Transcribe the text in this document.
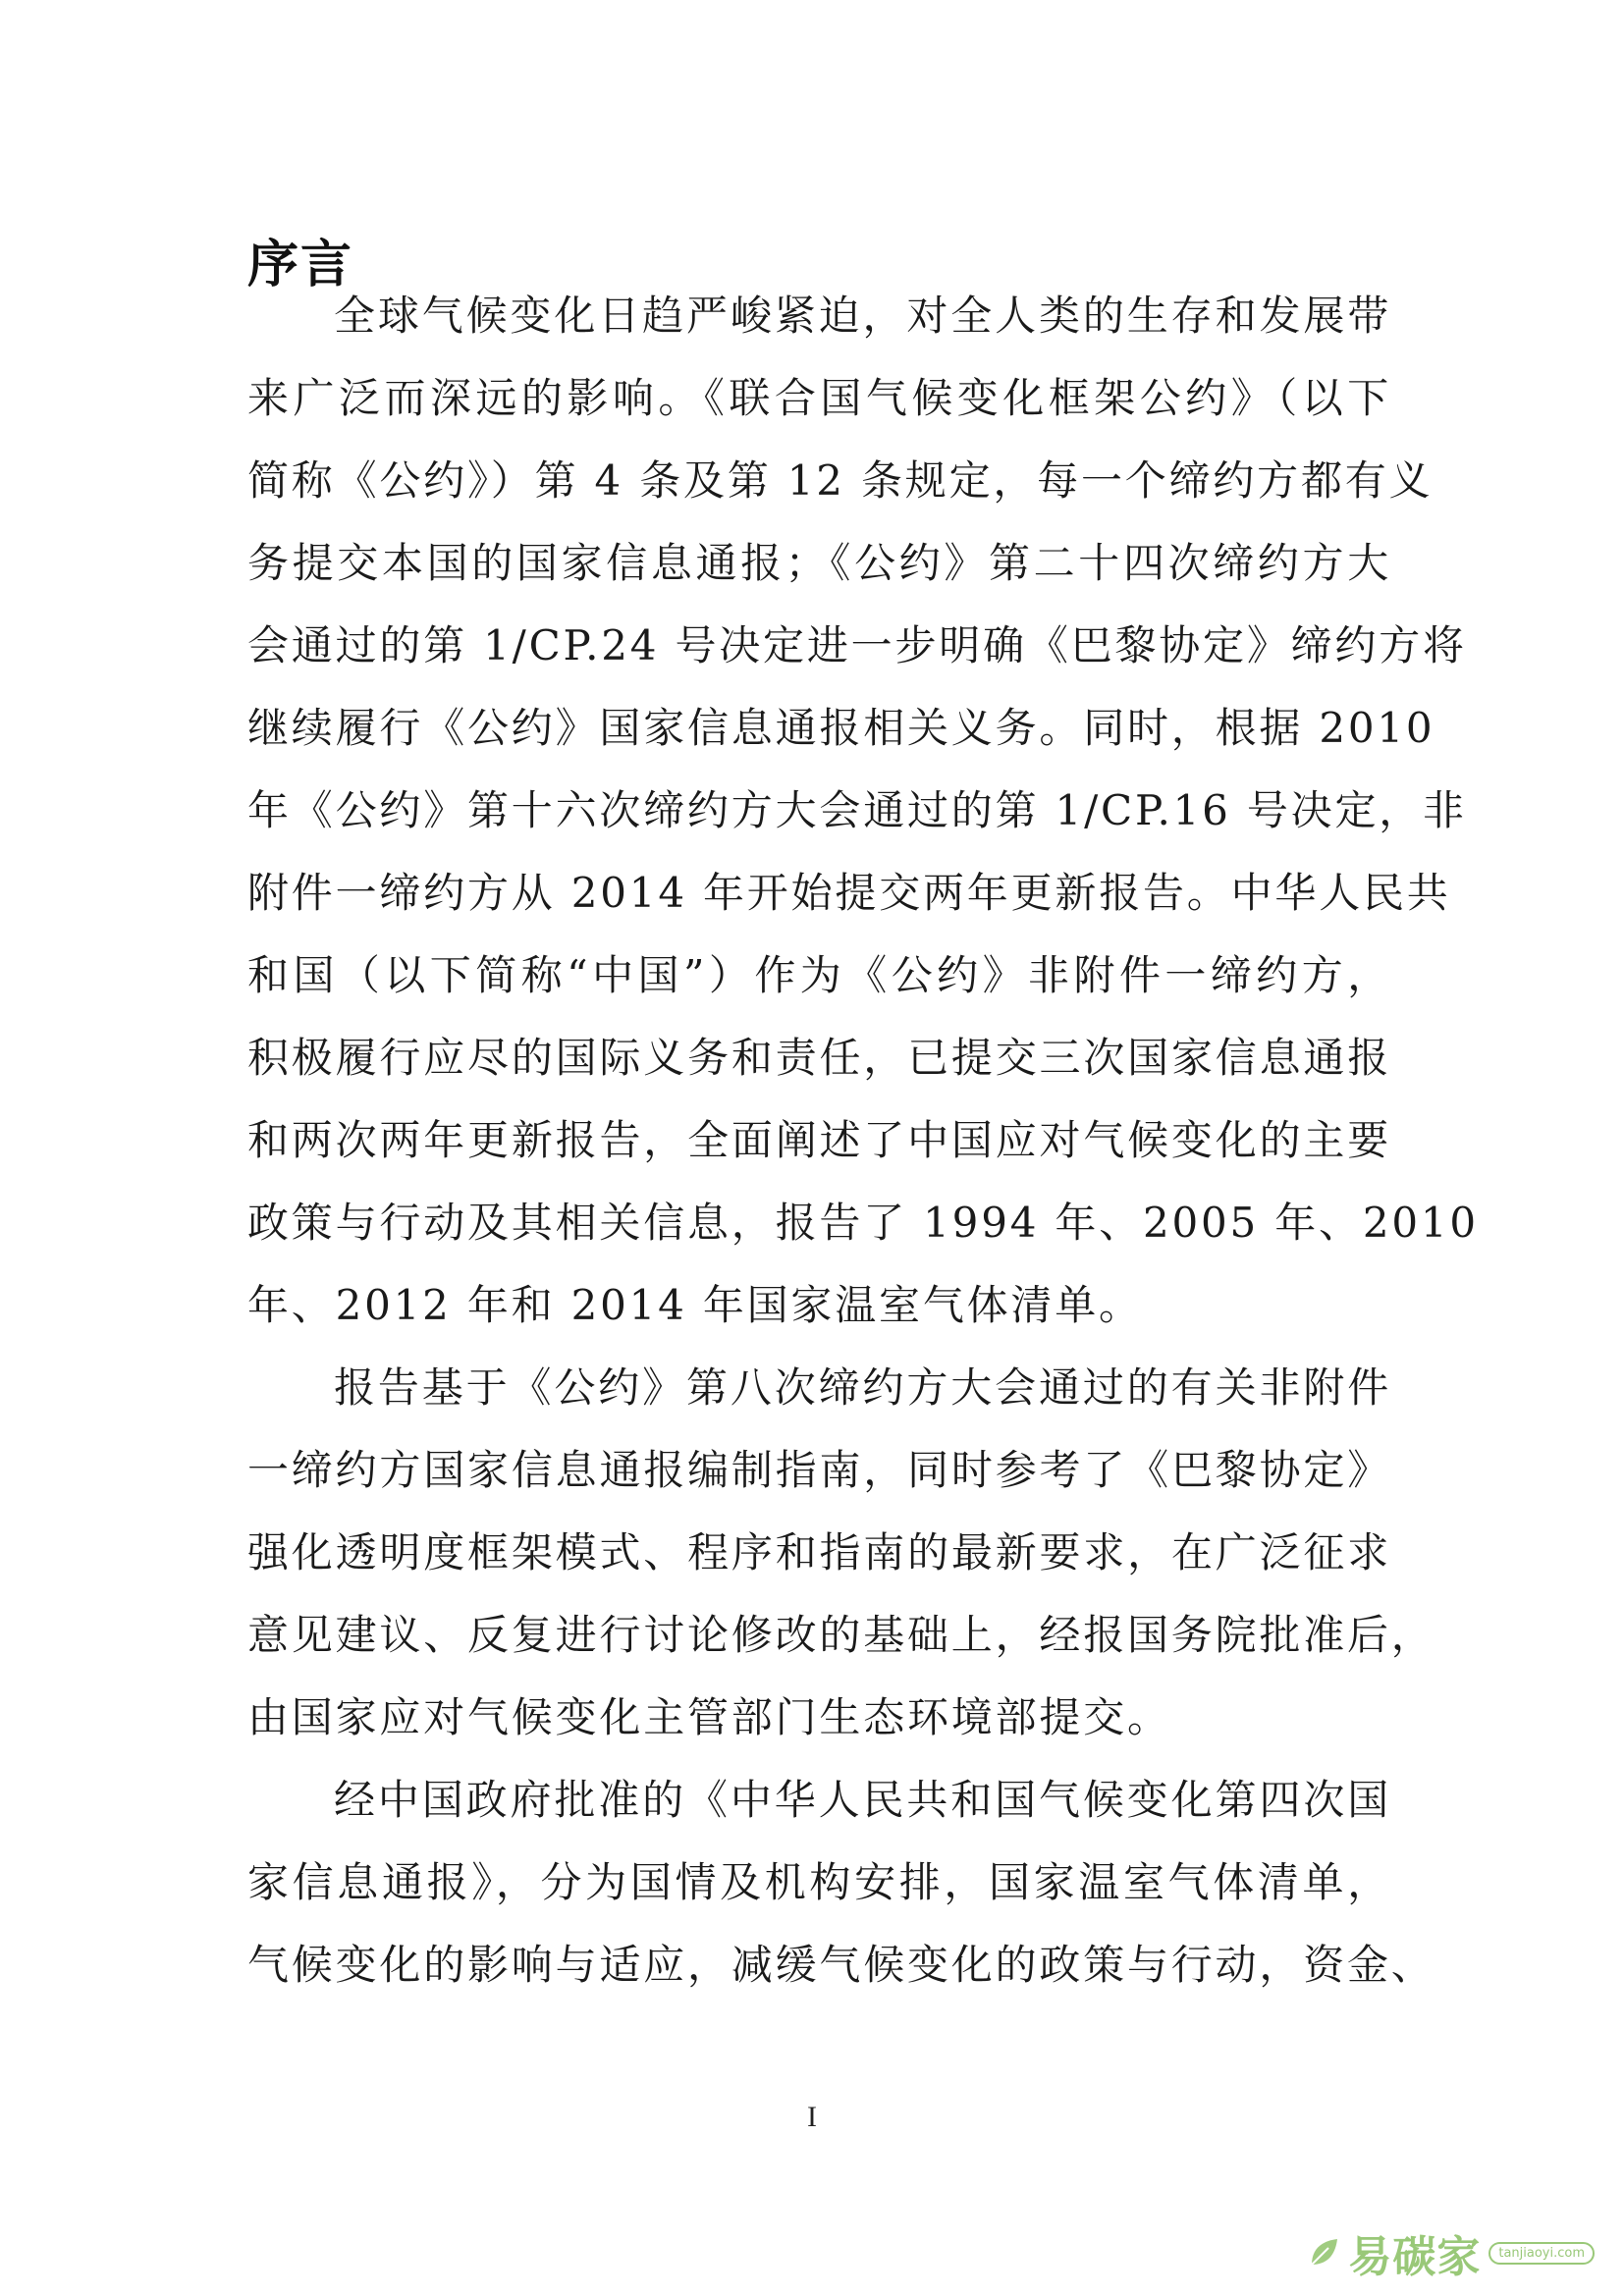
序言
全球气候变化日趋严峻紧迫，对全人类的生存和发展带
来广泛而深远的影响。《联合国气候变化框架公约》（以下
简称《公约》）第 4 条及第 12 条规定，每一个缔约方都有义
务提交本国的国家信息通报；《公约》第二十四次缔约方大
会通过的第 1/CP.24 号决定进一步明确《巴黎协定》缔约方将
继续履行《公约》国家信息通报相关义务。同时，根据 2010
年《公约》第十六次缔约方大会通过的第 1/CP.16 号决定，非
附件一缔约方从 2014 年开始提交两年更新报告。中华人民共
和国（以下简称“中国”）作为《公约》非附件一缔约方，
积极履行应尽的国际义务和责任，已提交三次国家信息通报
和两次两年更新报告，全面阐述了中国应对气候变化的主要
政策与行动及其相关信息，报告了 1994 年、2005 年、2010
年、2012 年和 2014 年国家温室气体清单。
报告基于《公约》第八次缔约方大会通过的有关非附件
一缔约方国家信息通报编制指南，同时参考了《巴黎协定》
强化透明度框架模式、程序和指南的最新要求，在广泛征求
意见建议、反复进行讨论修改的基础上，经报国务院批准后，
由国家应对气候变化主管部门生态环境部提交。
经中国政府批准的《中华人民共和国气候变化第四次国
家信息通报》，分为国情及机构安排，国家温室气体清单，
气候变化的影响与适应，减缓气候变化的政策与行动，资金、
I
易碳家	tanjiaoyi.com
